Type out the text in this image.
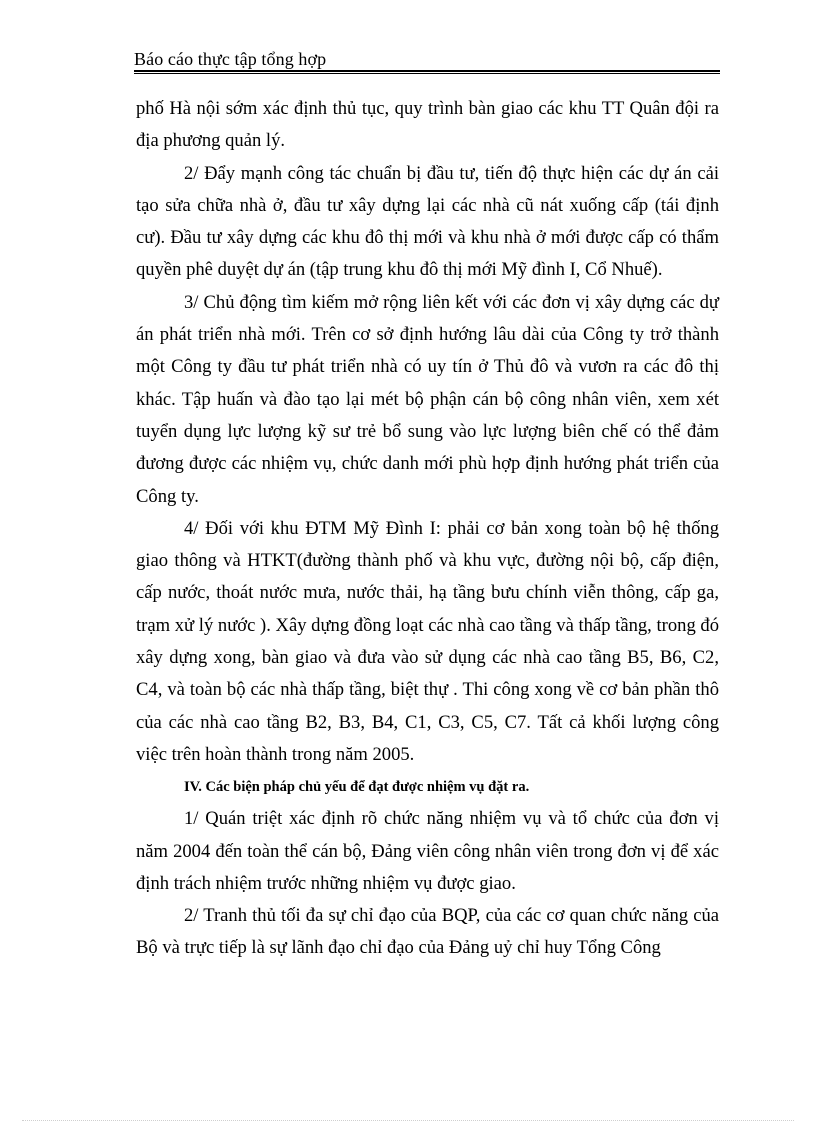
Báo cáo thực tập tổng hợp

phố Hà nội sớm xác định thủ tục, quy trình bàn giao các khu TT Quân đội ra địa phương quản lý.

2/ Đẩy mạnh công tác chuẩn bị đầu tư, tiến độ thực hiện các dự án cải tạo sửa chữa nhà ở, đầu tư xây dựng lại các nhà cũ nát xuống cấp (tái định cư). Đầu tư xây dựng các khu đô thị mới và khu nhà ở mới được cấp có thẩm quyền phê duyệt dự án (tập trung khu đô thị mới Mỹ đình I, Cổ Nhuế).

3/ Chủ động tìm kiếm mở rộng liên kết với các đơn vị xây dựng các dự án phát triển nhà mới. Trên cơ sở định hướng lâu dài của Công ty trở thành một Công ty đầu tư phát triển nhà có uy tín ở Thủ đô và vươn ra các đô thị khác. Tập huấn và đào tạo lại mét bộ phận cán bộ công nhân viên, xem xét tuyển dụng lực lượng kỹ sư trẻ bổ sung vào lực lượng biên chế có thể đảm đương được các nhiệm vụ, chức danh mới phù hợp định hướng phát triển của Công ty.

4/ Đối với khu ĐTM Mỹ Đình I: phải cơ bản xong toàn bộ hệ thống giao thông và HTKT(đường thành phố và khu vực, đường nội bộ, cấp điện, cấp nước, thoát nước mưa, nước thải, hạ tầng bưu chính viễn thông, cấp ga, trạm xử lý nước ). Xây dựng đồng loạt các nhà cao tầng và thấp tầng, trong đó xây dựng xong, bàn giao và đưa vào sử dụng các nhà cao tầng B5, B6, C2, C4, và toàn bộ các nhà thấp tầng, biệt thự . Thi công xong về cơ bản phần thô của các nhà cao tầng B2, B3, B4, C1, C3, C5, C7. Tất cả khối lượng công việc trên hoàn thành trong năm 2005.

IV. Các biện pháp chủ yếu để đạt được nhiệm vụ đặt ra.

1/ Quán triệt xác định rõ chức năng nhiệm vụ và tổ chức của đơn vị năm 2004 đến toàn thể cán bộ, Đảng viên công nhân viên trong đơn vị để xác định trách nhiệm trước những nhiệm vụ được giao.

2/ Tranh thủ tối đa sự chỉ đạo của BQP, của các cơ quan chức năng của Bộ và trực tiếp là sự lãnh đạo chỉ đạo của Đảng uỷ chỉ huy Tổng Công
